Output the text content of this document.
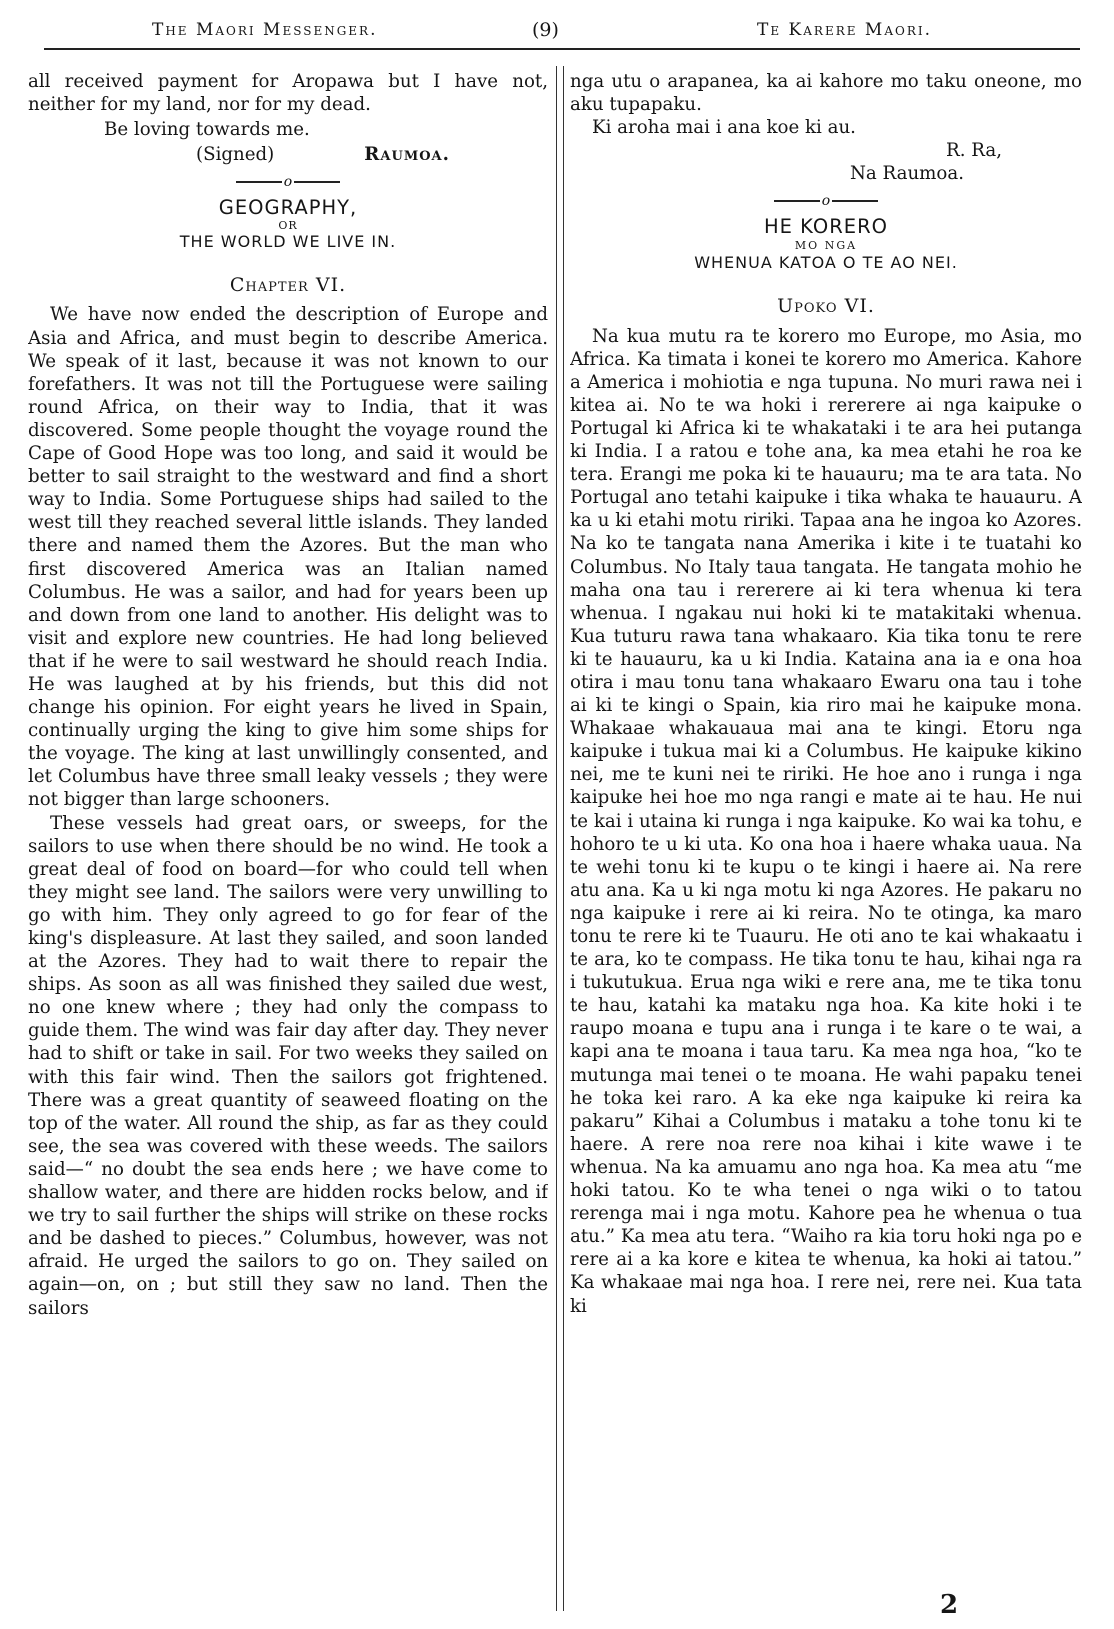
The Maori Messenger.	(9)	Te Karere Maori.

all received payment for Aropawa but I have not, neither for my land, nor for my dead.

Be loving towards me.

(Signed)	Raumoa.
o
GEOGRAPHY,
OR
THE WORLD WE LIVE IN.
Chapter VI.

We have now ended the description of Europe and Asia and Africa, and must begin to describe America. We speak of it last, because it was not known to our forefathers. It was not till the Portuguese were sailing round Africa, on their way to India, that it was discovered. Some people thought the voyage round the Cape of Good Hope was too long, and said it would be better to sail straight to the westward and find a short way to India. Some Portuguese ships had sailed to the west till they reached several little islands. They landed there and named them the Azores. But the man who first discovered America was an Italian named Columbus. He was a sailor, and had for years been up and down from one land to another. His delight was to visit and explore new countries. He had long believed that if he were to sail westward he should reach India. He was laughed at by his friends, but this did not change his opinion. For eight years he lived in Spain, continually urging the king to give him some ships for the voyage. The king at last unwillingly consented, and let Columbus have three small leaky vessels ; they were not bigger than large schooners.

These vessels had great oars, or sweeps, for the sailors to use when there should be no wind. He took a great deal of food on board—for who could tell when they might see land. The sailors were very unwilling to go with him. They only agreed to go for fear of the king's displeasure. At last they sailed, and soon landed at the Azores. They had to wait there to repair the ships. As soon as all was finished they sailed due west, no one knew where ; they had only the compass to guide them. The wind was fair day after day. They never had to shift or take in sail. For two weeks they sailed on with this fair wind. Then the sailors got frightened. There was a great quantity of seaweed floating on the top of the water. All round the ship, as far as they could see, the sea was covered with these weeds. The sailors said—“ no doubt the sea ends here ; we have come to shallow water, and there are hidden rocks below, and if we try to sail further the ships will strike on these rocks and be dashed to pieces.” Columbus, however, was not afraid. He urged the sailors to go on. They sailed on again—on, on ; but still they saw no land. Then the sailors

nga utu o arapanea, ka ai kahore mo taku oneone, mo aku tupapaku.

Ki aroha mai i ana koe ki au.

R. Ra,
Na Raumoa.
o
HE KORERO
MO NGA
WHENUA KATOA O TE AO NEI.
Upoko VI.

Na kua mutu ra te korero mo Europe, mo Asia, mo Africa. Ka timata i konei te korero mo America. Kahore a America i mohiotia e nga tupuna. No muri rawa nei i kitea ai. No te wa hoki i rererere ai nga kaipuke o Portugal ki Africa ki te whakataki i te ara hei putanga ki India. I a ratou e tohe ana, ka mea etahi he roa ke tera. Erangi me poka ki te hauauru; ma te ara tata. No Portugal ano tetahi kaipuke i tika whaka te hauauru. A ka u ki etahi motu ririki. Tapaa ana he ingoa ko Azores. Na ko te tangata nana Amerika i kite i te tuatahi ko Columbus. No Italy taua tangata. He tangata mohio he maha ona tau i rererere ai ki tera whenua ki tera whenua. I ngakau nui hoki ki te matakitaki whenua. Kua tuturu rawa tana whakaaro. Kia tika tonu te rere ki te hauauru, ka u ki India. Kataina ana ia e ona hoa otira i mau tonu tana whakaaro Ewaru ona tau i tohe ai ki te kingi o Spain, kia riro mai he kaipuke mona. Whakaae whakauaua mai ana te kingi. Etoru nga kaipuke i tukua mai ki a Columbus. He kaipuke kikino nei, me te kuni nei te ririki. He hoe ano i runga i nga kaipuke hei hoe mo nga rangi e mate ai te hau. He nui te kai i utaina ki runga i nga kaipuke. Ko wai ka tohu, e hohoro te u ki uta. Ko ona hoa i haere whaka uaua. Na te wehi tonu ki te kupu o te kingi i haere ai. Na rere atu ana. Ka u ki nga motu ki nga Azores. He pakaru no nga kaipuke i rere ai ki reira. No te otinga, ka maro tonu te rere ki te Tuauru. He oti ano te kai whakaatu i te ara, ko te compass. He tika tonu te hau, kihai nga ra i tukutukua. Erua nga wiki e rere ana, me te tika tonu te hau, katahi ka mataku nga hoa. Ka kite hoki i te raupo moana e tupu ana i runga i te kare o te wai, a kapi ana te moana i taua taru. Ka mea nga hoa, “ko te mutunga mai tenei o te moana. He wahi papaku tenei he toka kei raro. A ka eke nga kaipuke ki reira ka pakaru” Kihai a Columbus i mataku a tohe tonu ki te haere. A rere noa rere noa kihai i kite wawe i te whenua. Na ka amuamu ano nga hoa. Ka mea atu “me hoki tatou. Ko te wha tenei o nga wiki o to tatou rerenga mai i nga motu. Kahore pea he whenua o tua atu.” Ka mea atu tera. “Waiho ra kia toru hoki nga po e rere ai a ka kore e kitea te whenua, ka hoki ai tatou.” Ka whakaae mai nga hoa. I rere nei, rere nei. Kua tata ki

2
